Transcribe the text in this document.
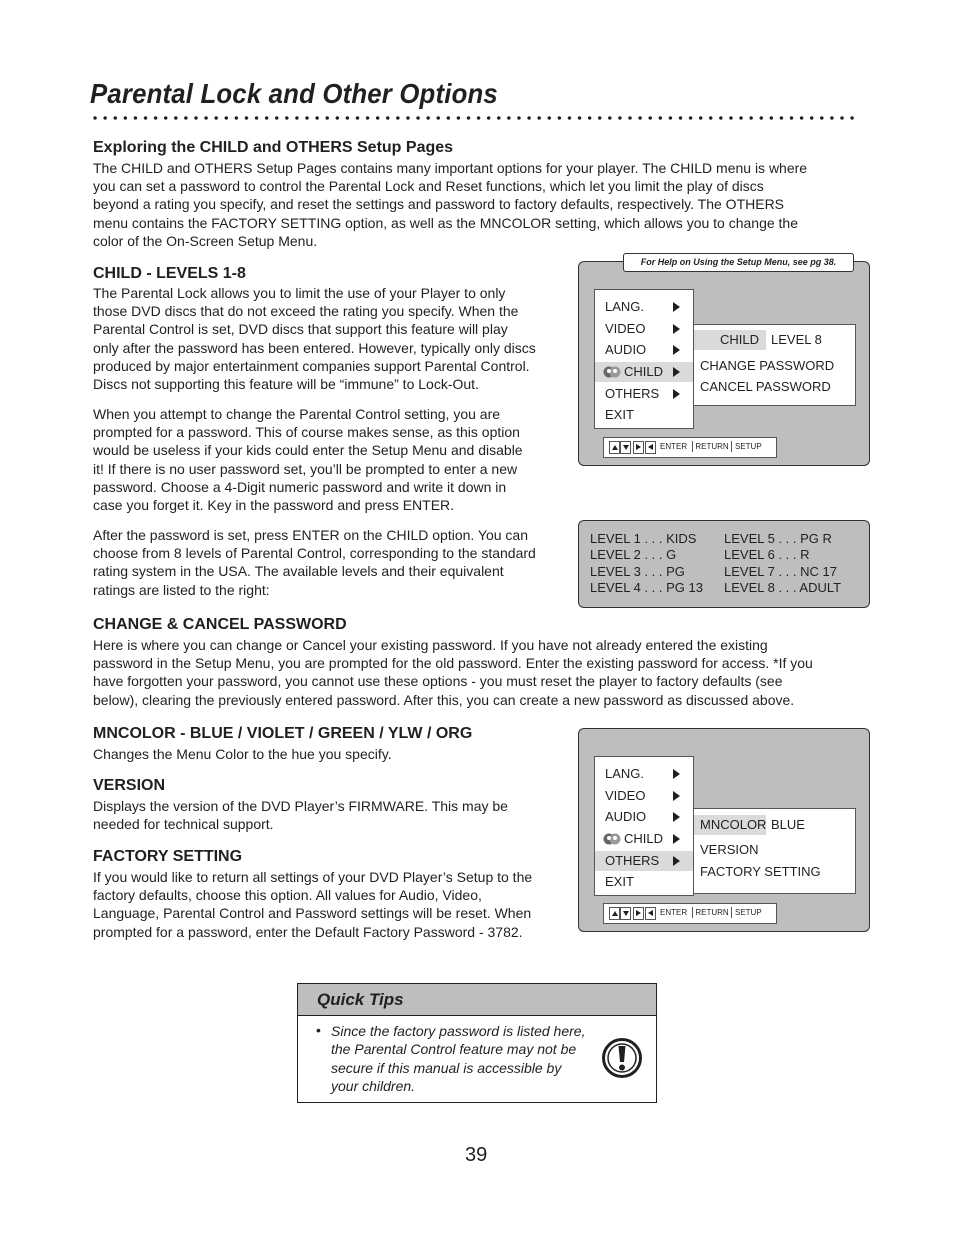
Parental Lock and Other Options
Exploring the CHILD and OTHERS Setup Pages

The CHILD and OTHERS Setup Pages contains many important options for your player. The CHILD menu is where

you can set a password to control the Parental Lock and Reset functions, which let you limit the play of discs

beyond a rating you specify, and reset the settings and password to factory defaults, respectively. The OTHERS

menu contains the FACTORY SETTING option, as well as the MNCOLOR setting, which allows you to change the

color of the On-Screen Setup Menu.

CHILD - LEVELS 1-8

The Parental Lock allows you to limit the use of your Player to only

those DVD discs that do not exceed the rating you specify. When the

Parental Control is set, DVD discs that support this feature will play

only after the password has been entered. However, typically only discs

produced by major entertainment companies support Parental Control.

Discs not supporting this feature will be “immune” to Lock-Out.

When you attempt to change the Parental Control setting, you are

prompted for a password. This of course makes sense, as this option

would be useless if your kids could enter the Setup Menu and disable

it! If there is no user password set, you’ll be prompted to enter a new

password. Choose a 4-Digit numeric password and write it down in

case you forget it. Key in the password and press ENTER.

After the password is set, press ENTER on the CHILD option. You can

choose from 8 levels of Parental Control, corresponding to the standard

rating system in the USA. The available levels and their equivalent

ratings are listed to the right:

LANG.
VIDEO
AUDIO
CHILD
OTHERS
EXIT
CHILD LEVEL 8
CHANGE PASSWORD
CANCEL PASSWORD
ENTER	RETURN SETUP
For Help on Using the Setup Menu, see pg 38.
LEVEL 1 . . . KIDS
LEVEL 2 . . . G
LEVEL 3 . . . PG
LEVEL 4 . . . PG 13
LEVEL 5 . . . PG R
LEVEL 6 . . . R
LEVEL 7 . . . NC 17
LEVEL 8 . . . ADULT
CHANGE & CANCEL PASSWORD

Here is where you can change or Cancel your existing password. If you have not already entered the existing

password in the Setup Menu, you are prompted for the old password. Enter the existing password for access. *If you

have forgotten your password, you cannot use these options - you must reset the player to factory defaults (see

below), clearing the previously entered password. After this, you can create a new password as discussed above.

MNCOLOR - BLUE / VIOLET / GREEN / YLW / ORG

Changes the Menu Color to the hue you specify.

VERSION

Displays the version of the DVD Player’s FIRMWARE. This may be

needed for technical support.

FACTORY SETTING

If you would like to return all settings of your DVD Player’s Setup to the

factory defaults, choose this option. All values for Audio, Video,

Language, Parental Control and Password settings will be reset. When

prompted for a password, enter the Default Factory Password - 3782.

LANG.
VIDEO
AUDIO
CHILD
OTHERS
EXIT
MNCOLOR BLUE
VERSION
FACTORY SETTING
ENTER	RETURN SETUP
Quick Tips
• Since the factory password is listed here,
the Parental Control feature may not be
secure if this manual is accessible by
your children.
39
